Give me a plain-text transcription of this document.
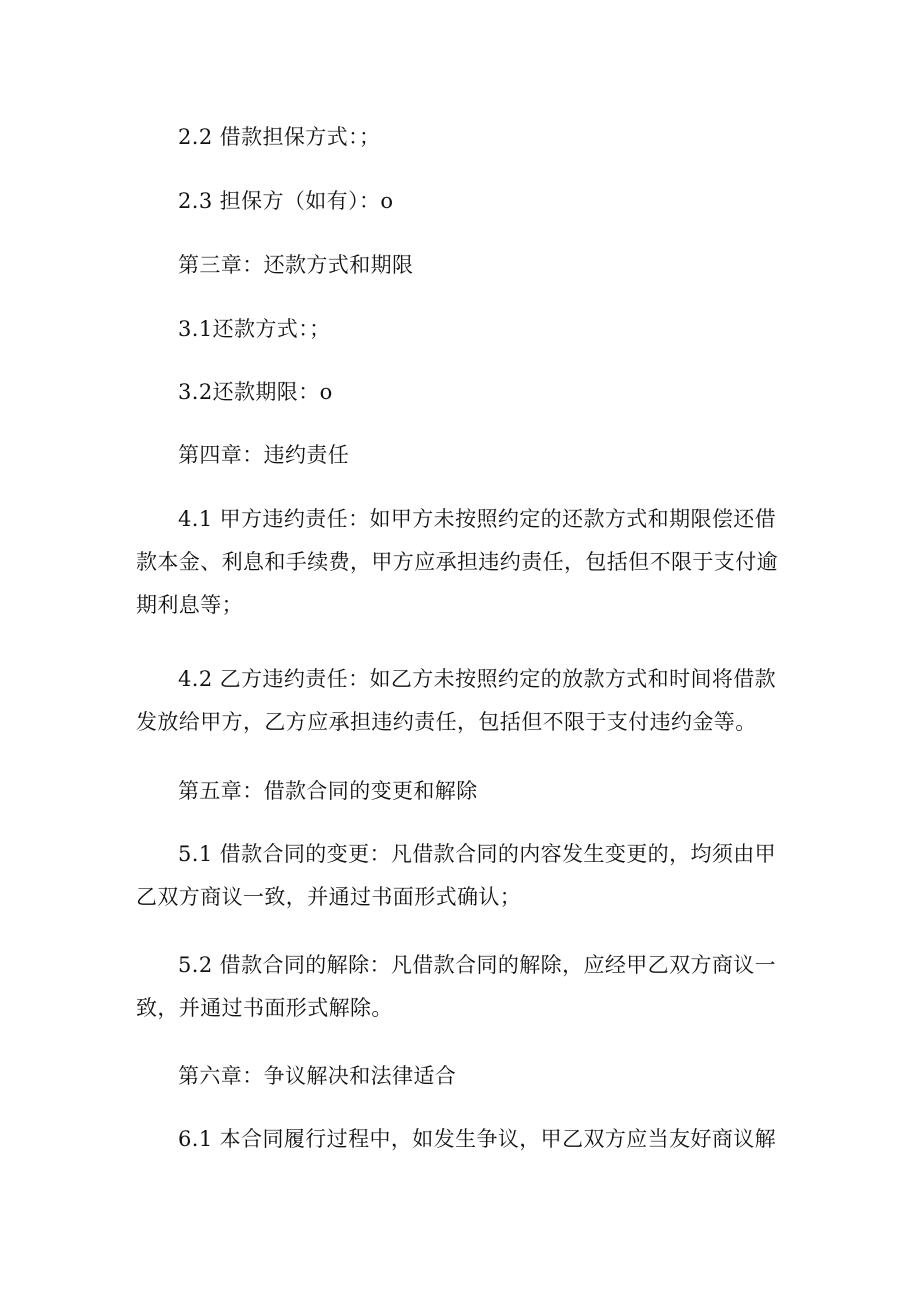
2.2 借款担保方式：；

2.3 担保方（如有）：o

第三章：还款方式和期限

3.1还款方式：；

3.2还款期限：o

第四章：违约责任

4.1 甲方违约责任：如甲方未按照约定的还款方式和期限偿还借款本金、利息和手续费，甲方应承担违约责任，包括但不限于支付逾期利息等；

4.2 乙方违约责任：如乙方未按照约定的放款方式和时间将借款发放给甲方，乙方应承担违约责任，包括但不限于支付违约金等。

第五章：借款合同的变更和解除

5.1 借款合同的变更：凡借款合同的内容发生变更的，均须由甲乙双方商议一致，并通过书面形式确认；

5.2 借款合同的解除：凡借款合同的解除，应经甲乙双方商议一致，并通过书面形式解除。

第六章：争议解决和法律适合

6.1 本合同履行过程中，如发生争议，甲乙双方应当友好商议解
